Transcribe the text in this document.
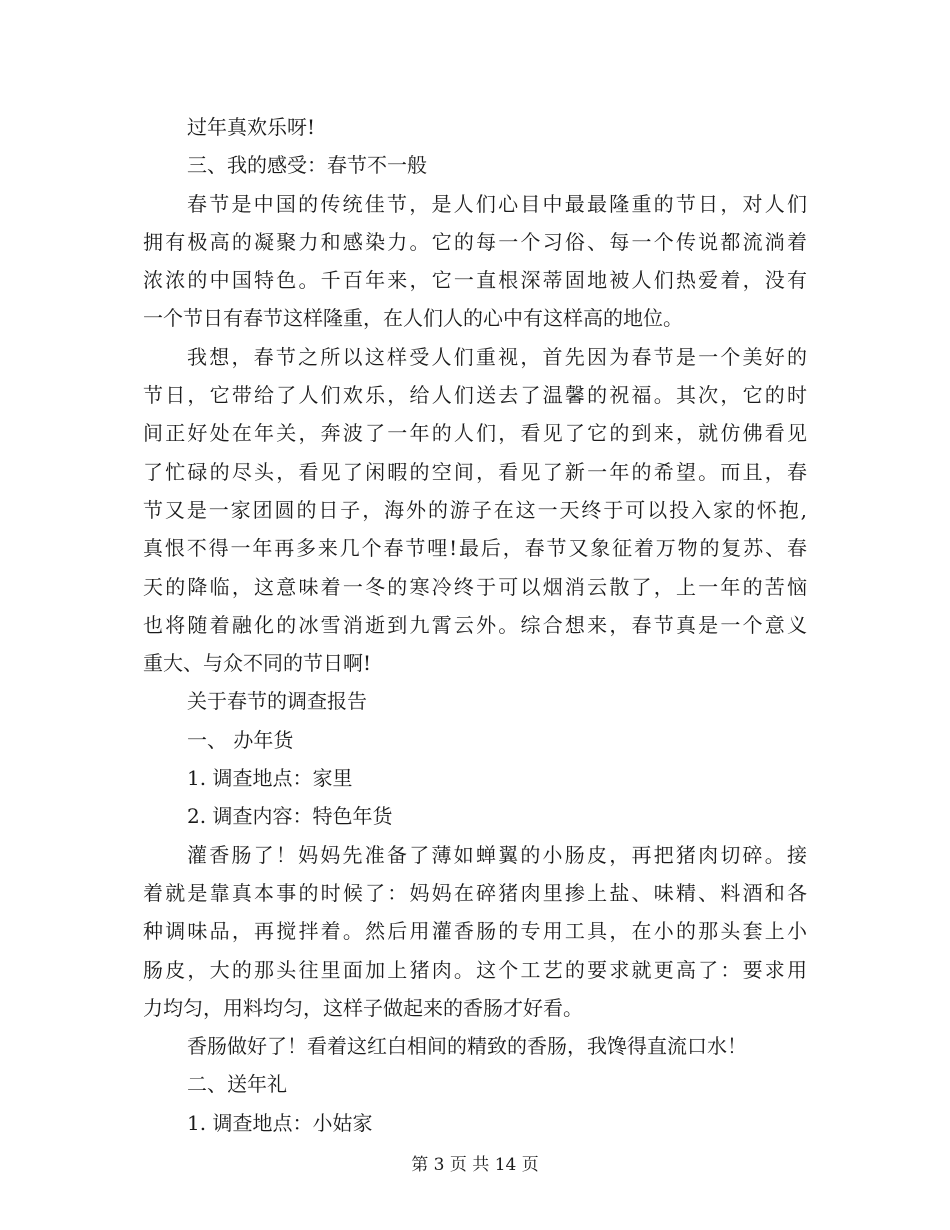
过年真欢乐呀!
三、我的感受：春节不一般
春节是中国的传统佳节，是人们心目中最最隆重的节日，对人们
拥有极高的凝聚力和感染力。它的每一个习俗、每一个传说都流淌着
浓浓的中国特色。千百年来，它一直根深蒂固地被人们热爱着，没有
一个节日有春节这样隆重，在人们人的心中有这样高的地位。
我想，春节之所以这样受人们重视，首先因为春节是一个美好的
节日，它带给了人们欢乐，给人们送去了温馨的祝福。其次，它的时
间正好处在年关，奔波了一年的人们，看见了它的到来，就仿佛看见
了忙碌的尽头，看见了闲暇的空间，看见了新一年的希望。而且，春
节又是一家团圆的日子，海外的游子在这一天终于可以投入家的怀抱,
真恨不得一年再多来几个春节哩!最后，春节又象征着万物的复苏、春
天的降临，这意味着一冬的寒冷终于可以烟消云散了，上一年的苦恼
也将随着融化的冰雪消逝到九霄云外。综合想来，春节真是一个意义
重大、与众不同的节日啊!
关于春节的调查报告
一、 办年货
1. 调查地点：家里
2. 调查内容：特色年货
灌香肠了！妈妈先准备了薄如蝉翼的小肠皮，再把猪肉切碎。接
着就是靠真本事的时候了：妈妈在碎猪肉里掺上盐、味精、料酒和各
种调味品，再搅拌着。然后用灌香肠的专用工具，在小的那头套上小
肠皮，大的那头往里面加上猪肉。这个工艺的要求就更高了：要求用
力均匀，用料均匀，这样子做起来的香肠才好看。
香肠做好了！看着这红白相间的精致的香肠，我馋得直流口水！
二、送年礼
1. 调查地点：小姑家
第 3 页 共 14 页
